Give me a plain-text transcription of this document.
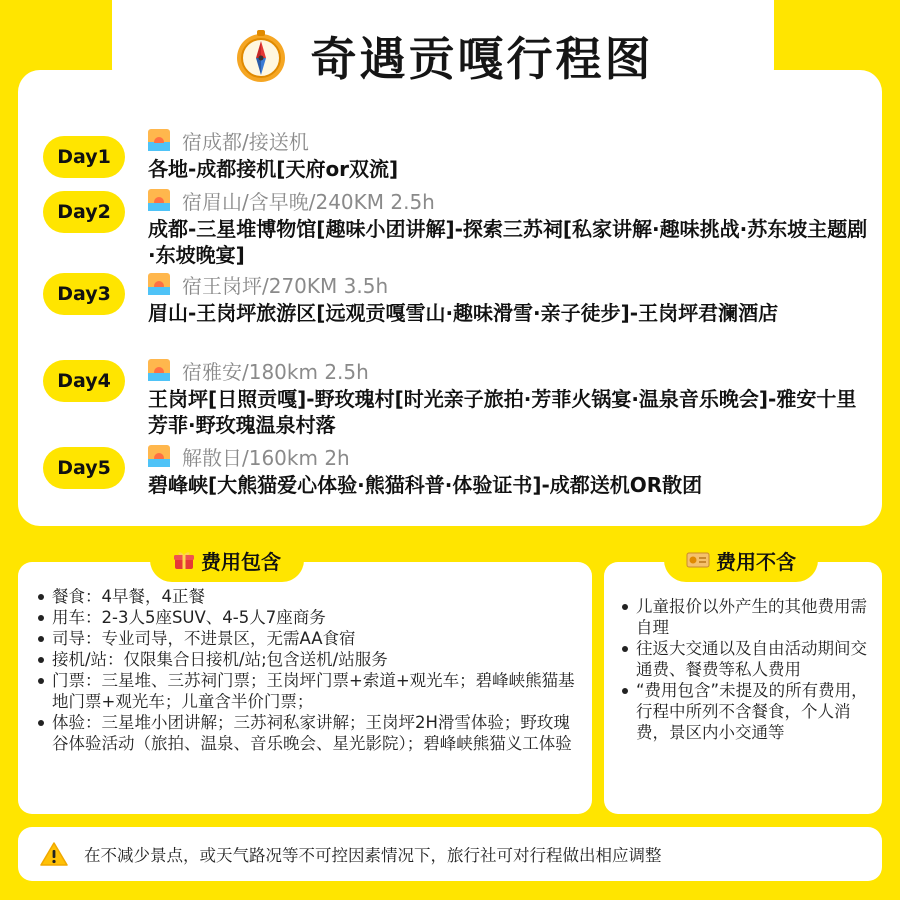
奇遇贡嘎行程图
Day1
宿成都/接送机
各地-成都接机[天府or双流]
Day2	宿眉山/含早晚/240KM 2.5h
成都-三星堆博物馆[趣味小团讲解]-探索三苏祠[私家讲解·趣味挑战·苏东坡主题剧·东坡晚宴]
Day3	宿王岗坪/270KM 3.5h
眉山-王岗坪旅游区[远观贡嘎雪山·趣味滑雪·亲子徒步]-王岗坪君澜酒店
Day4	宿雅安/180km 2.5h
王岗坪[日照贡嘎]-野玫瑰村[时光亲子旅拍·芳菲火锅宴·温泉音乐晚会]-雅安十里芳菲·野玫瑰温泉村落
Day5	解散日/160km 2h
碧峰峡[大熊猫爱心体验·熊猫科普·体验证书]-成都送机OR散团
餐食：4早餐，4正餐
用车：2-3人5座SUV、4-5人7座商务
司导：专业司导，不进景区，无需AA食宿
接机/站：仅限集合日接机/站;包含送机/站服务
门票：三星堆、三苏祠门票；王岗坪门票+索道+观光车；碧峰峡熊猫基地门票+观光车；儿童含半价门票；
体验：三星堆小团讲解；三苏祠私家讲解；王岗坪2H滑雪体验；野玫瑰谷体验活动（旅拍、温泉、音乐晚会、星光影院）；碧峰峡熊猫义工体验
费用包含
儿童报价以外产生的其他费用需自理
往返大交通以及自由活动期间交通费、餐费等私人费用
“费用包含”未提及的所有费用，行程中所列不含餐食，个人消费，景区内小交通等
费用不含
在不减少景点，或天气路况等不可控因素情况下，旅行社可对行程做出相应调整
